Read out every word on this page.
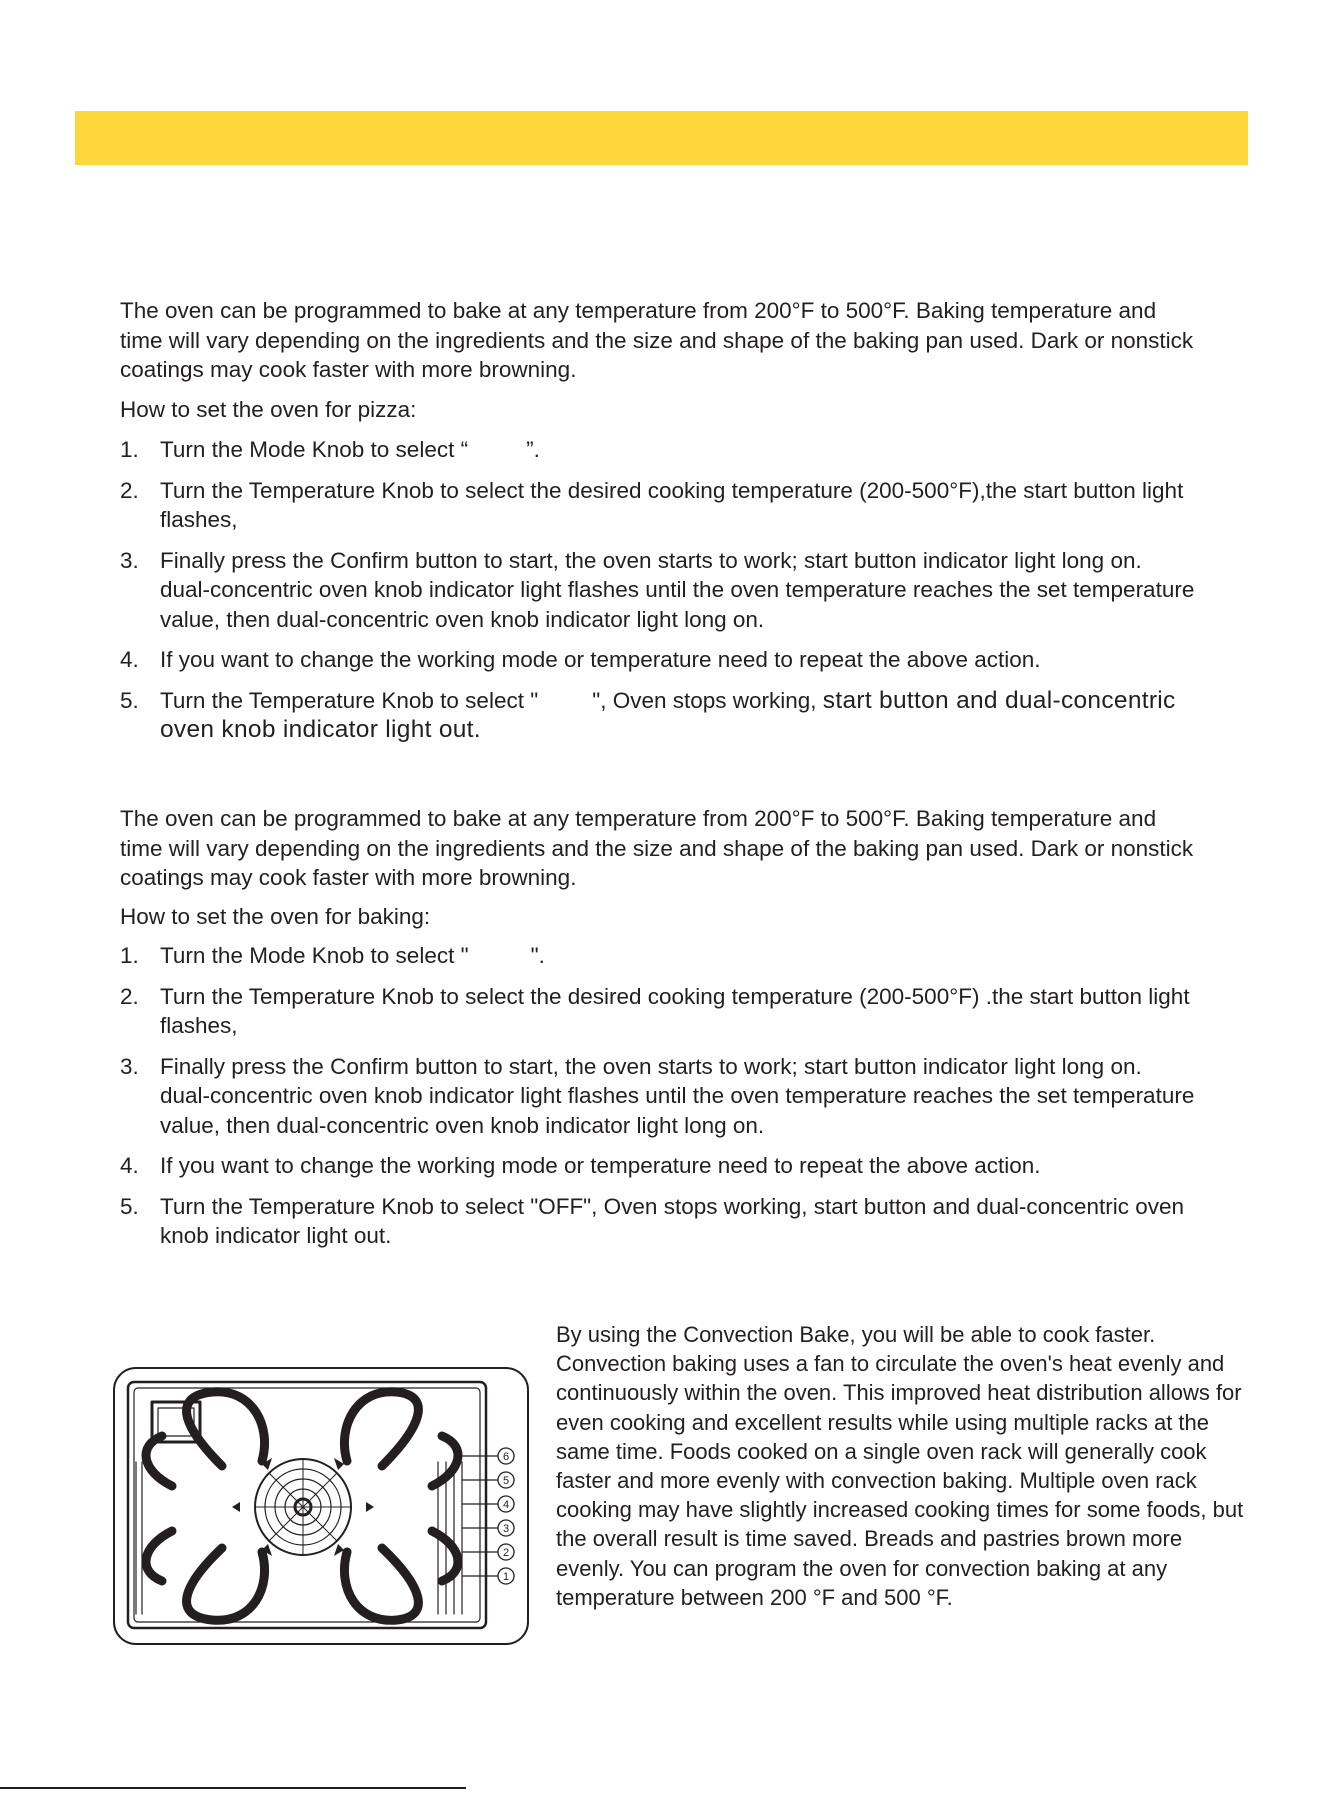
The oven can be programmed to bake at any temperature from 200°F to 500°F. Baking temperature and time will vary depending on the ingredients and the size and shape of the baking pan used. Dark or nonstick coatings may cook faster with more browning.

How to set the oven for pizza:

1. Turn the Mode Knob to select “	”.
2. Turn the Temperature Knob to select the desired cooking temperature (200-500°F),the start button light flashes,
3. Finally press the Confirm button to start, the oven starts to work; start button indicator light long on. dual-concentric oven knob indicator light flashes until the oven temperature reaches the set temperature value, then dual-concentric oven knob indicator light long on.
4. If you want to change the working mode or temperature need to repeat the above action.
5. Turn the Temperature Knob to select " ", Oven stops working, start button and dual-concentric oven knob indicator light out.

The oven can be programmed to bake at any temperature from 200°F to 500°F. Baking temperature and time will vary depending on the ingredients and the size and shape of the baking pan used. Dark or nonstick coatings may cook faster with more browning.

How to set the oven for baking:

1. Turn the Mode Knob to select "	".
2. Turn the Temperature Knob to select the desired cooking temperature (200-500°F) .the start button light flashes,
3. Finally press the Confirm button to start, the oven starts to work; start button indicator light long on. dual-concentric oven knob indicator light flashes until the oven temperature reaches the set temperature value, then dual-concentric oven knob indicator light long on.
4. If you want to change the working mode or temperature need to repeat the above action.
5. Turn the Temperature Knob to select "OFF", Oven stops working, start button and dual-concentric oven knob indicator light out.

By using the Convection Bake, you will be able to cook faster. Convection baking uses a fan to circulate the oven's heat evenly and continuously within the oven. This improved heat distribution allows for even cooking and excellent results while using multiple racks at the same time. Foods cooked on a single oven rack will generally cook faster and more evenly with convection baking. Multiple oven rack cooking may have slightly increased cooking times for some foods, but the overall result is time saved. Breads and pastries brown more evenly. You can program the oven for convection baking at any temperature between 200 °F and 500 °F.

6
5
4
3
2
1
